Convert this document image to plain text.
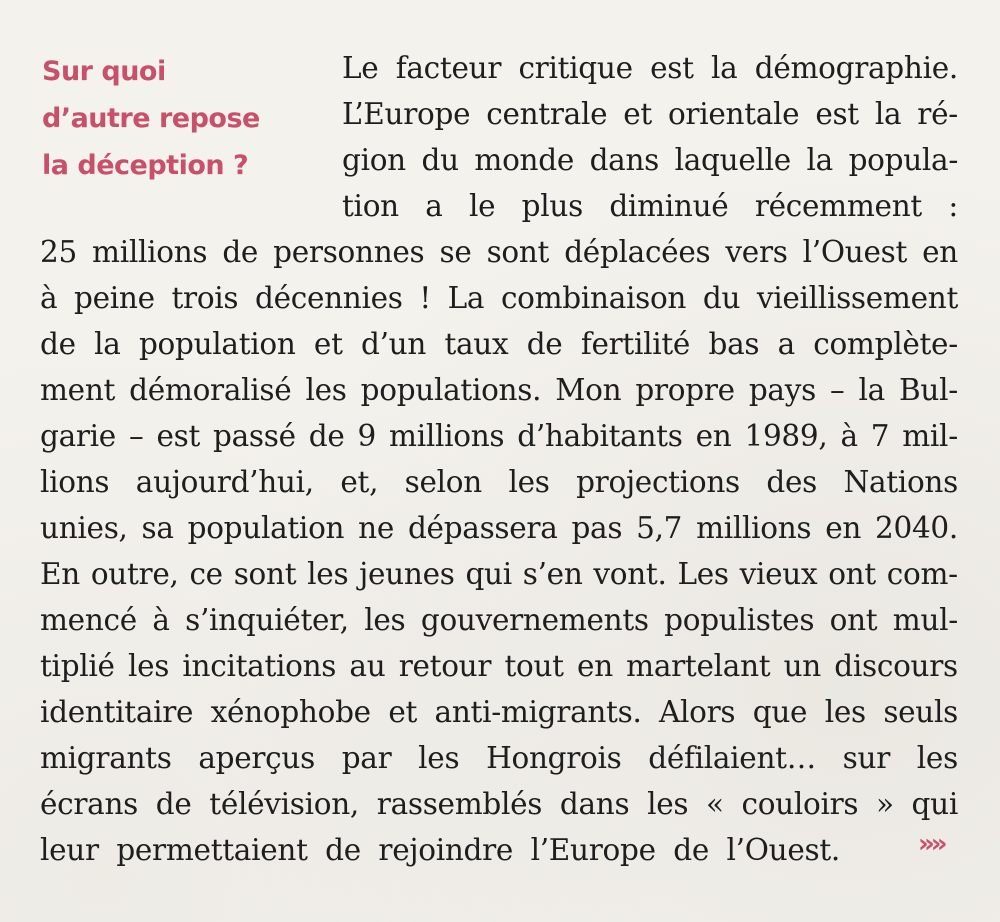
Sur quoi
d’autre repose
la déception ?
Le facteur critique est la démographie.
L’Europe centrale et orientale est la ré-
gion du monde dans laquelle la popula-
tion a le plus diminué récemment :
25 millions de personnes se sont déplacées vers l’Ouest en
à peine trois décennies ! La combinaison du vieillissement
de la population et d’un taux de fertilité bas a complète-
ment démoralisé les populations. Mon propre pays – la Bul-
garie – est passé de 9 millions d’habitants en 1989, à 7 mil-
lions aujourd’hui, et, selon les projections des Nations
unies, sa population ne dépassera pas 5,7 millions en 2040.
En outre, ce sont les jeunes qui s’en vont. Les vieux ont com-
mencé à s’inquiéter, les gouvernements populistes ont mul-
tiplié les incitations au retour tout en martelant un discours
identitaire xénophobe et anti-migrants. Alors que les seuls
migrants aperçus par les Hongrois défilaient… sur les
écrans de télévision, rassemblés dans les « couloirs » qui
leur permettaient de rejoindre l’Europe de l’Ouest.	»»
